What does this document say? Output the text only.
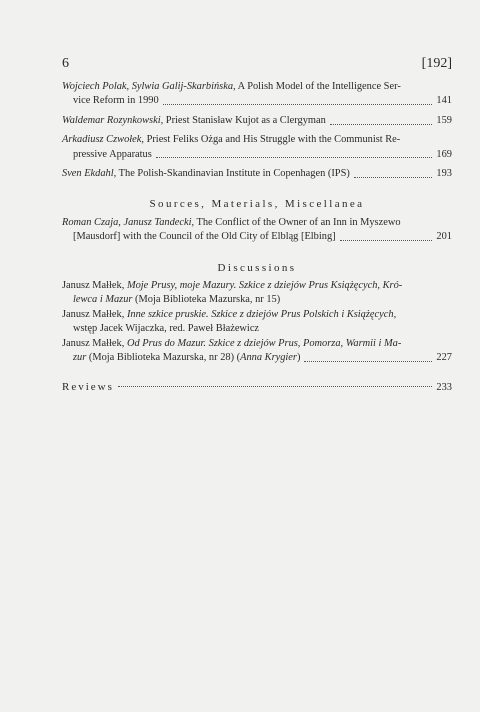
6	[192]
Wojciech Polak, Sylwia Galij-Skarbińska, A Polish Model of the Intelligence Ser-
vice Reform in 1990	141
Waldemar Rozynkowski, Priest Stanisław Kujot as a Clergyman	159
Arkadiusz Czwołek, Priest Feliks Ożga and His Struggle with the Communist Re-
pressive Apparatus	169
Sven Ekdahl, The Polish-Skandinavian Institute in Copenhagen (IPS)	193
Sources, Materials, Miscellanea
Roman Czaja, Janusz Tandecki, The Conflict of the Owner of an Inn in Myszewo
[Mausdorf] with the Council of the Old City of Elbląg [Elbing]	201
Discussions
Janusz Małłek, Moje Prusy, moje Mazury. Szkice z dziejów Prus Książęcych, Kró-
lewca i Mazur (Moja Biblioteka Mazurska, nr 15)
Janusz Małłek, Inne szkice pruskie. Szkice z dziejów Prus Polskich i Książęcych,
wstęp Jacek Wijaczka, red. Paweł Błażewicz
Janusz Małłek, Od Prus do Mazur. Szkice z dziejów Prus, Pomorza, Warmii i Ma-
zur (Moja Biblioteka Mazurska, nr 28) (Anna Krygier)	227
Reviews	233
